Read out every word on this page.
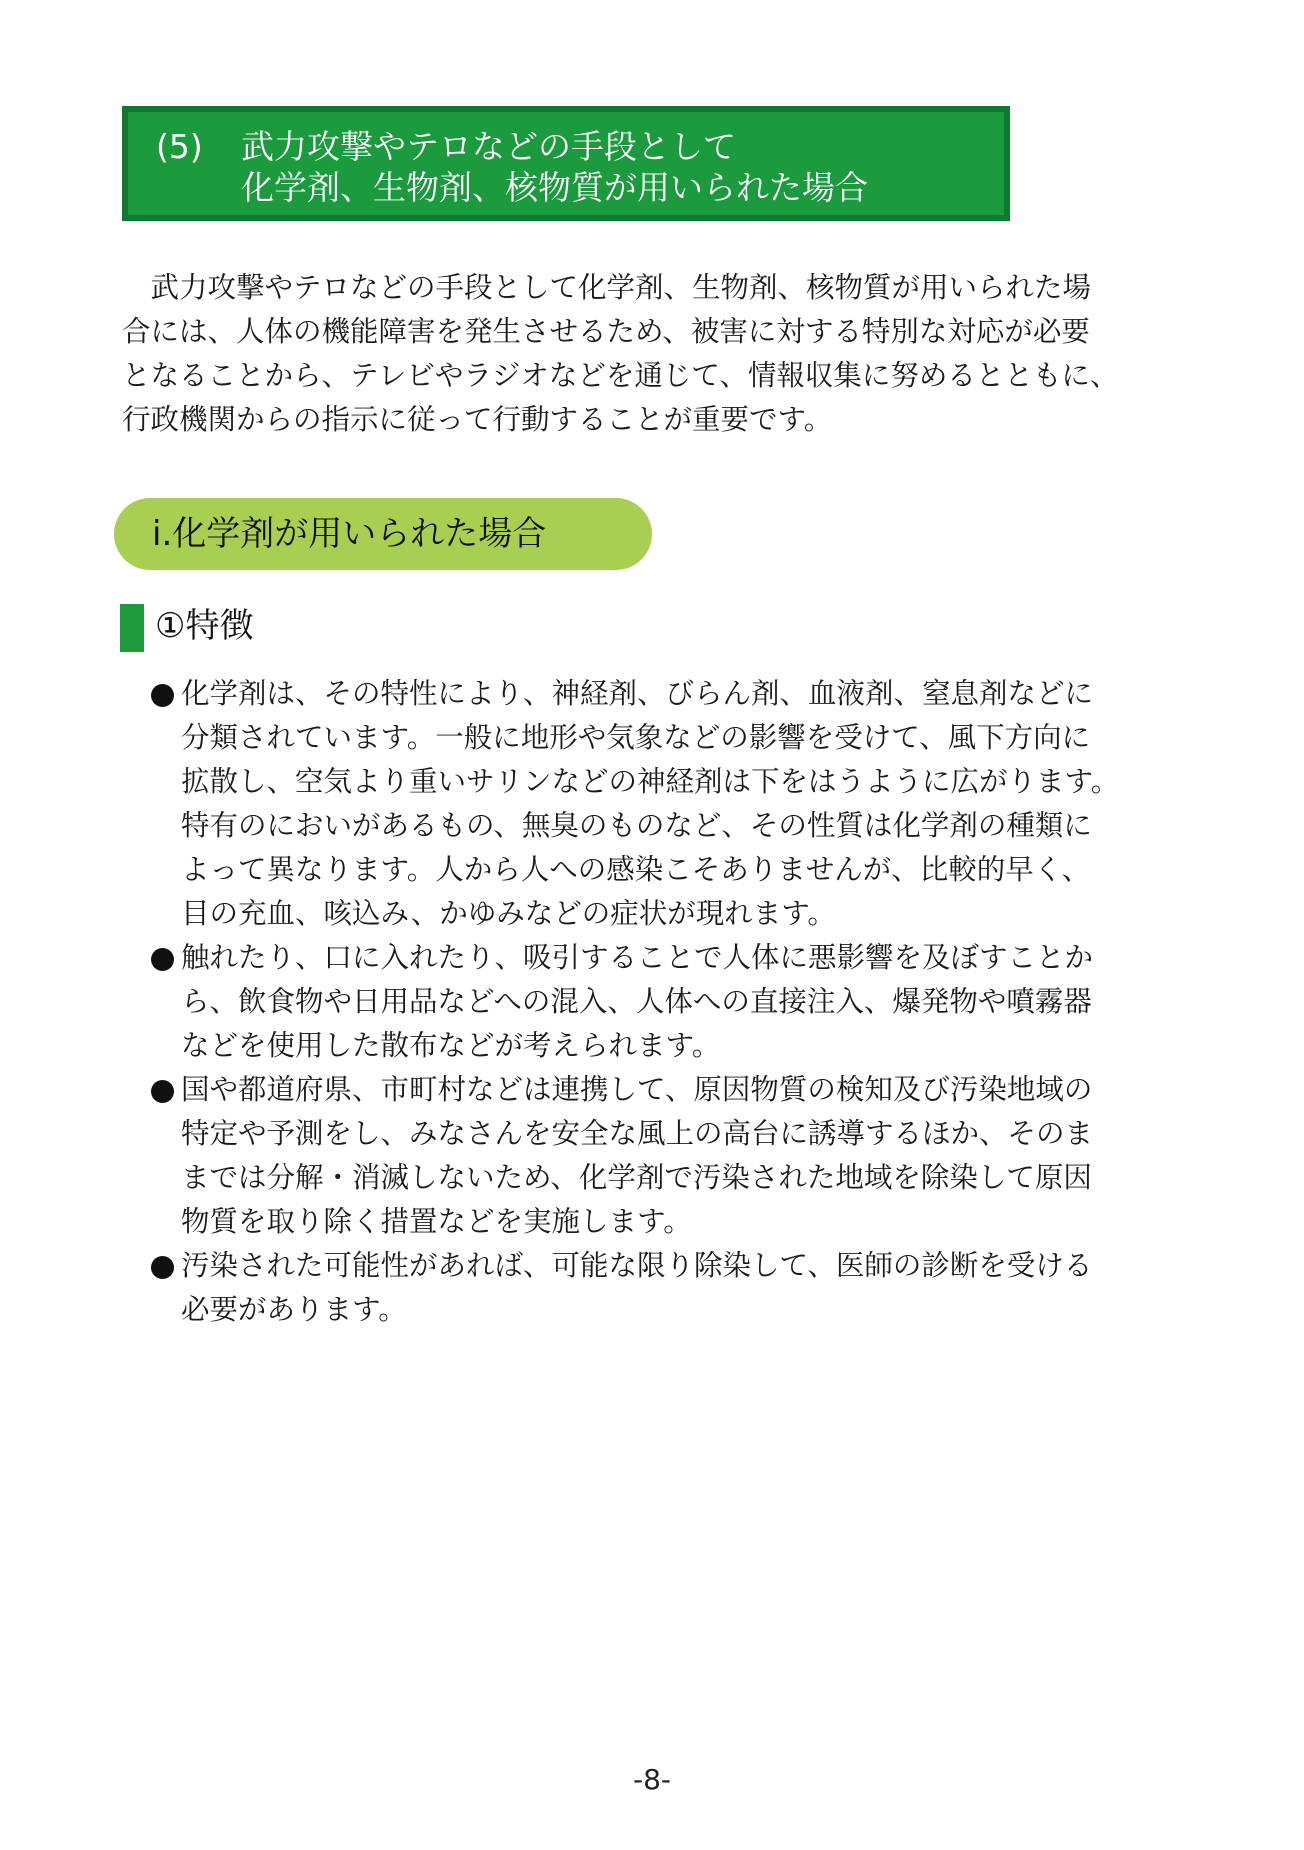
(5) 武力攻撃やテロなどの手段として
化学剤、生物剤、核物質が用いられた場合

　武力攻撃やテロなどの手段として化学剤、生物剤、核物質が用いられた場
合には、人体の機能障害を発生させるため、被害に対する特別な対応が必要
となることから、テレビやラジオなどを通じて、情報収集に努めるとともに、
行政機関からの指示に従って行動することが重要です。

i.化学剤が用いられた場合
①特徴
化学剤は、その特性により、神経剤、びらん剤、血液剤、窒息剤などに
分類されています。一般に地形や気象などの影響を受けて、風下方向に
拡散し、空気より重いサリンなどの神経剤は下をはうように広がります。
特有のにおいがあるもの、無臭のものなど、その性質は化学剤の種類に
よって異なります。人から人への感染こそありませんが、比較的早く、
目の充血、咳込み、かゆみなどの症状が現れます。
触れたり、口に入れたり、吸引することで人体に悪影響を及ぼすことか
ら、飲食物や日用品などへの混入、人体への直接注入、爆発物や噴霧器
などを使用した散布などが考えられます。
国や都道府県、市町村などは連携して、原因物質の検知及び汚染地域の
特定や予測をし、みなさんを安全な風上の高台に誘導するほか、そのま
までは分解・消滅しないため、化学剤で汚染された地域を除染して原因
物質を取り除く措置などを実施します。
汚染された可能性があれば、可能な限り除染して、医師の診断を受ける
必要があります。
-8-
